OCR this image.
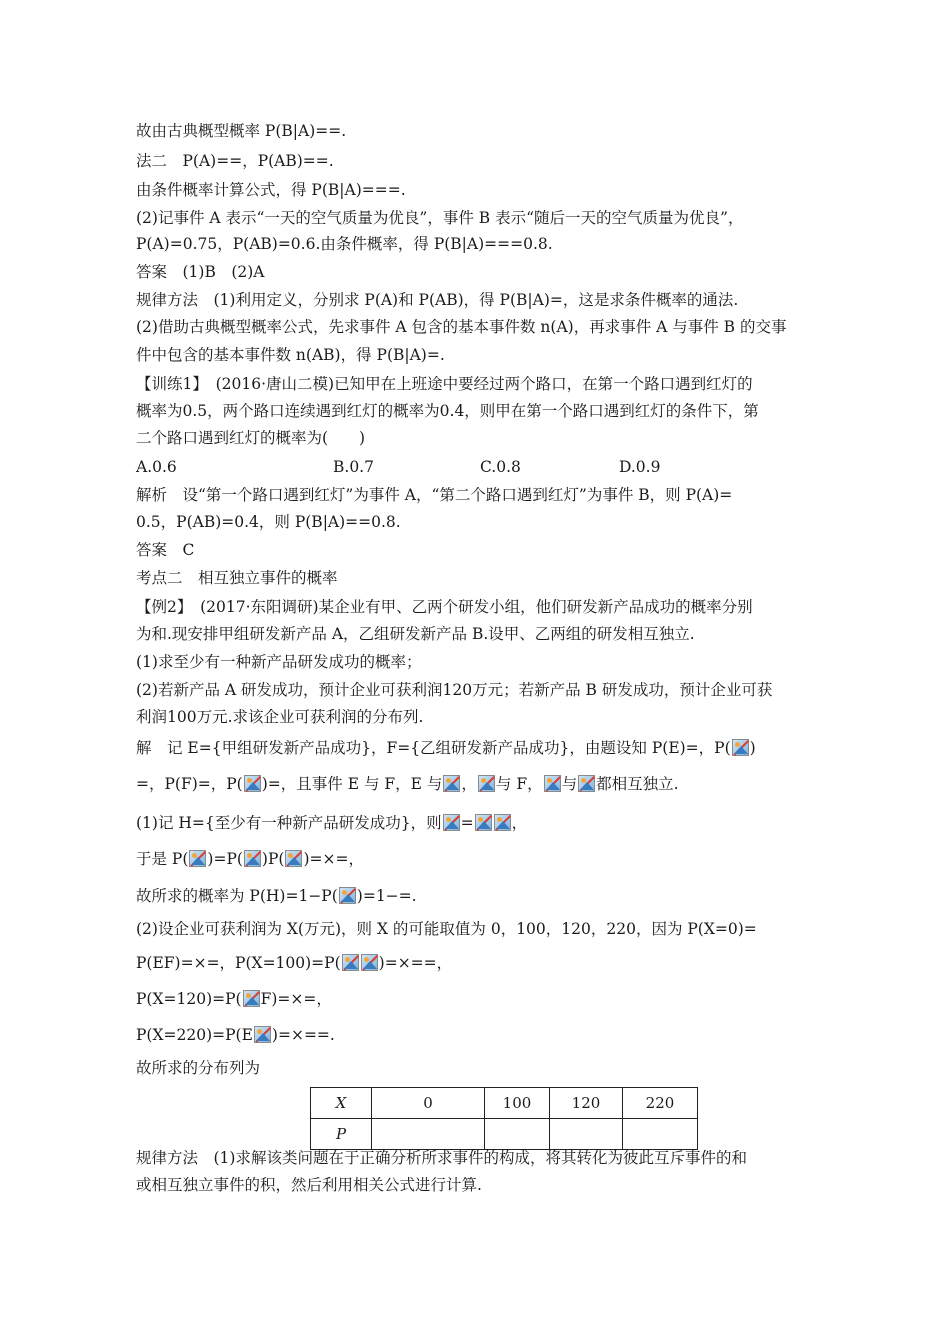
故由古典概型概率 P(B|A)==.
法二　P(A)==，P(AB)==.
由条件概率计算公式，得 P(B|A)===.
(2)记事件 A 表示“一天的空气质量为优良”，事件 B 表示“随后一天的空气质量为优良”，
P(A)=0.75，P(AB)=0.6.由条件概率，得 P(B|A)===0.8.
答案　(1)B　(2)A
规律方法　(1)利用定义，分别求 P(A)和 P(AB)，得 P(B|A)=，这是求条件概率的通法.
(2)借助古典概型概率公式，先求事件 A 包含的基本事件数 n(A)，再求事件 A 与事件 B 的交事
件中包含的基本事件数 n(AB)，得 P(B|A)=.
【训练1】　(2016·唐山二模)已知甲在上班途中要经过两个路口，在第一个路口遇到红灯的
概率为0.5，两个路口连续遇到红灯的概率为0.4，则甲在第一个路口遇到红灯的条件下，第
二个路口遇到红灯的概率为(　　)
A.0.6	B.0.7	C.0.8	D.0.9
解析　设“第一个路口遇到红灯”为事件 A，“第二个路口遇到红灯”为事件 B，则 P(A)=
0.5，P(AB)=0.4，则 P(B|A)==0.8.
答案　C
考点二　相互独立事件的概率
【例2】　(2017·东阳调研)某企业有甲、乙两个研发小组，他们研发新产品成功的概率分别
为和.现安排甲组研发新产品 A，乙组研发新产品 B.设甲、乙两组的研发相互独立.
(1)求至少有一种新产品研发成功的概率；
(2)若新产品 A 研发成功，预计企业可获利润120万元；若新产品 B 研发成功，预计企业可获
利润100万元.求该企业可获利润的分布列.
解　记 E={甲组研发新产品成功}，F={乙组研发新产品成功}，由题设知 P(E)=，P( )
=，P(F)=，P( )=，且事件 E 与 F，E 与 ， 与 F， 与 都相互独立.
(1)记 H={至少有一种新产品研发成功}，则 = ，
于是 P( )=P( )P( )=×=，
故所求的概率为 P(H)=1−P( )=1−=.
(2)设企业可获利润为 X(万元)，则 X 的可能取值为 0，100，120，220，因为 P(X=0)=
P(EF)=×=，P(X=100)=P( )=×==，
P(X=120)=P( F)=×=，
P(X=220)=P(E )=×==.
故所求的分布列为
X	0	100	120	220
P				
规律方法　(1)求解该类问题在于正确分析所求事件的构成，将其转化为彼此互斥事件的和
或相互独立事件的积，然后利用相关公式进行计算.
